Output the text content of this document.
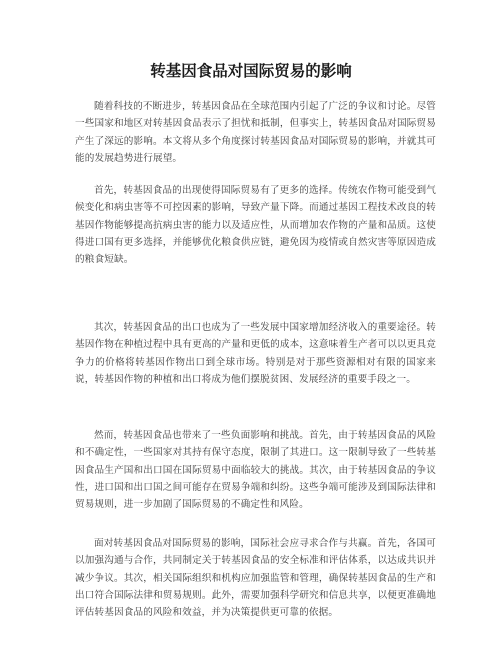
转基因食品对国际贸易的影响

随着科技的不断进步，转基因食品在全球范围内引起了广泛的争议和讨论。尽管一些国家和地区对转基因食品表示了担忧和抵制，但事实上，转基因食品对国际贸易产生了深远的影响。本文将从多个角度探讨转基因食品对国际贸易的影响，并就其可能的发展趋势进行展望。

首先，转基因食品的出现使得国际贸易有了更多的选择。传统农作物可能受到气候变化和病虫害等不可控因素的影响，导致产量下降。而通过基因工程技术改良的转基因作物能够提高抗病虫害的能力以及适应性，从而增加农作物的产量和品质。这使得进口国有更多选择，并能够优化粮食供应链，避免因为疫情或自然灾害等原因造成的粮食短缺。

其次，转基因食品的出口也成为了一些发展中国家增加经济收入的重要途径。转基因作物在种植过程中具有更高的产量和更低的成本，这意味着生产者可以以更具竞争力的价格将转基因作物出口到全球市场。特别是对于那些资源相对有限的国家来说，转基因作物的种植和出口将成为他们摆脱贫困、发展经济的重要手段之一。

然而，转基因食品也带来了一些负面影响和挑战。首先，由于转基因食品的风险和不确定性，一些国家对其持有保守态度，限制了其进口。这一限制导致了一些转基因食品生产国和出口国在国际贸易中面临较大的挑战。其次，由于转基因食品的争议性，进口国和出口国之间可能存在贸易争端和纠纷。这些争端可能涉及到国际法律和贸易规则，进一步加剧了国际贸易的不确定性和风险。

面对转基因食品对国际贸易的影响，国际社会应寻求合作与共赢。首先，各国可以加强沟通与合作，共同制定关于转基因食品的安全标准和评估体系，以达成共识并减少争议。其次，相关国际组织和机构应加强监管和管理，确保转基因食品的生产和出口符合国际法律和贸易规则。此外，需要加强科学研究和信息共享，以便更准确地评估转基因食品的风险和效益，并为决策提供更可靠的依据。
